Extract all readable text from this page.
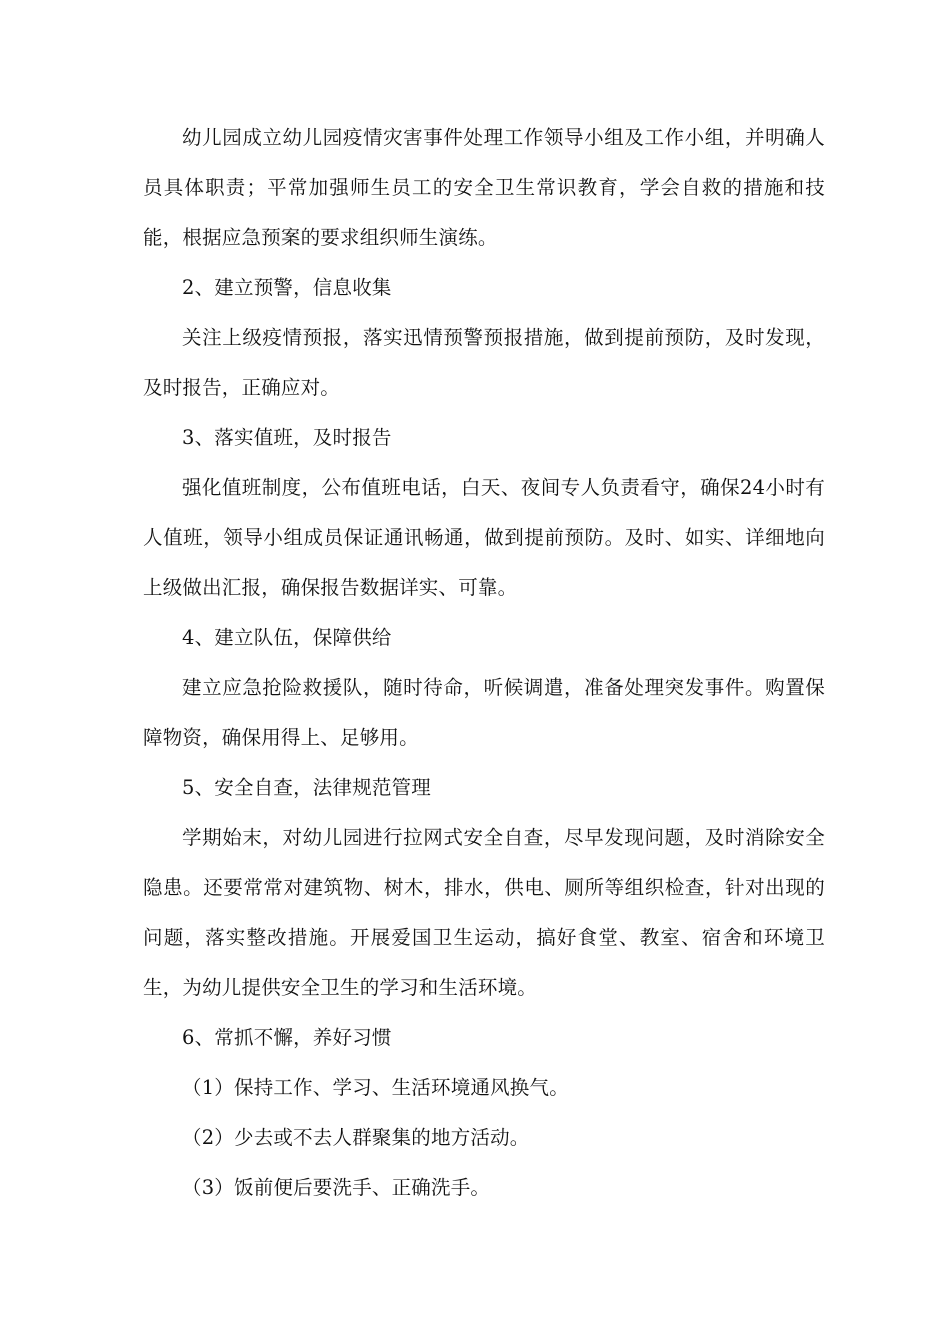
幼儿园成立幼儿园疫情灾害事件处理工作领导小组及工作小组，并明确人员具体职责；平常加强师生员工的安全卫生常识教育，学会自救的措施和技能，根据应急预案的要求组织师生演练。

2、建立预警，信息收集

关注上级疫情预报，落实迅情预警预报措施，做到提前预防，及时发现，及时报告，正确应对。

3、落实值班，及时报告

强化值班制度，公布值班电话，白天、夜间专人负责看守，确保24小时有人值班，领导小组成员保证通讯畅通，做到提前预防。及时、如实、详细地向上级做出汇报，确保报告数据详实、可靠。

4、建立队伍，保障供给

建立应急抢险救援队，随时待命，听候调遣，准备处理突发事件。购置保障物资，确保用得上、足够用。

5、安全自查，法律规范管理

学期始末，对幼儿园进行拉网式安全自查，尽早发现问题，及时消除安全隐患。还要常常对建筑物、树木，排水，供电、厕所等组织检查，针对出现的问题，落实整改措施。开展爱国卫生运动，搞好食堂、教室、宿舍和环境卫生，为幼儿提供安全卫生的学习和生活环境。

6、常抓不懈，养好习惯

（1）保持工作、学习、生活环境通风换气。

（2）少去或不去人群聚集的地方活动。

（3）饭前便后要洗手、正确洗手。
